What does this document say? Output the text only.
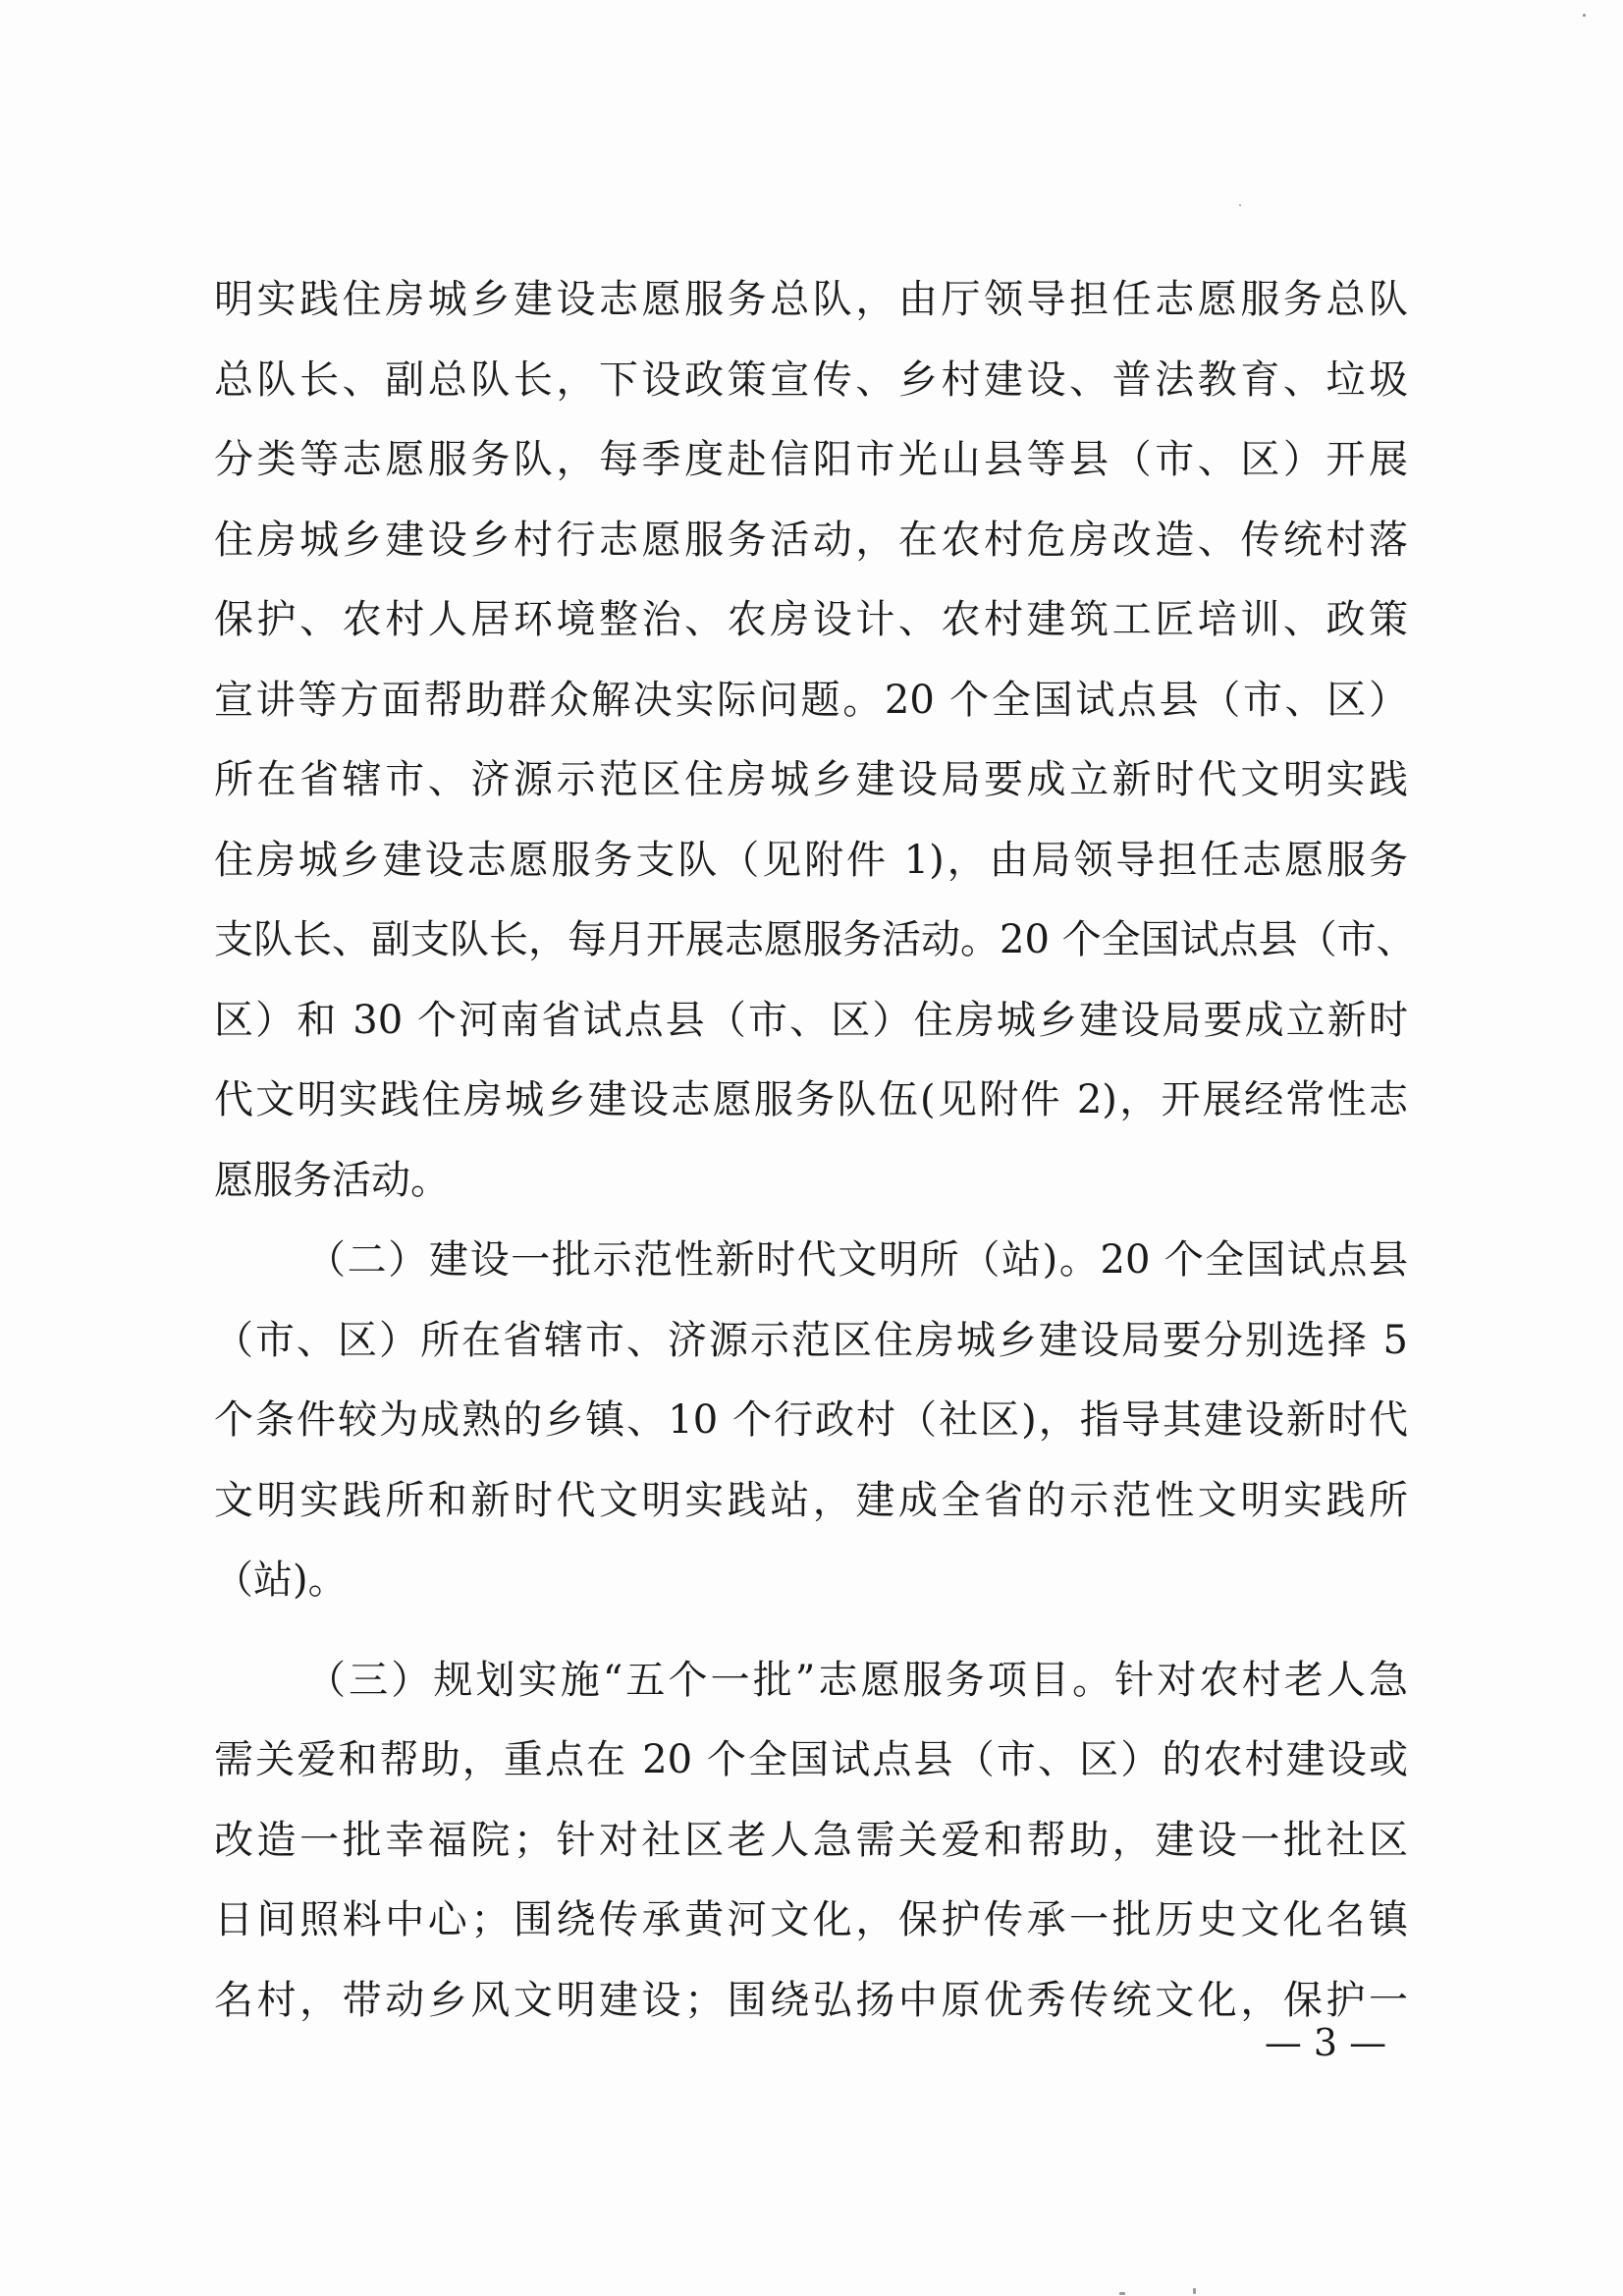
明实践住房城乡建设志愿服务总队，由厅领导担任志愿服务总队
总队长、副总队长，下设政策宣传、乡村建设、普法教育、垃圾
分类等志愿服务队，每季度赴信阳市光山县等县（市、区）开展
住房城乡建设乡村行志愿服务活动，在农村危房改造、传统村落
保护、农村人居环境整治、农房设计、农村建筑工匠培训、政策
宣讲等方面帮助群众解决实际问题。20 个全国试点县（市、区）
所在省辖市、济源示范区住房城乡建设局要成立新时代文明实践
住房城乡建设志愿服务支队（见附件 1)，由局领导担任志愿服务
支队长、副支队长，每月开展志愿服务活动。20 个全国试点县（市、
区）和 30 个河南省试点县（市、区）住房城乡建设局要成立新时
代文明实践住房城乡建设志愿服务队伍(见附件 2)，开展经常性志
愿服务活动。
（二）建设一批示范性新时代文明所（站)。20 个全国试点县
（市、区）所在省辖市、济源示范区住房城乡建设局要分别选择 5
个条件较为成熟的乡镇、10 个行政村（社区)，指导其建设新时代
文明实践所和新时代文明实践站，建成全省的示范性文明实践所
（站)。
（三）规划实施“五个一批”志愿服务项目。针对农村老人急
需关爱和帮助，重点在 20 个全国试点县（市、区）的农村建设或
改造一批幸福院；针对社区老人急需关爱和帮助，建设一批社区
日间照料中心；围绕传承黄河文化，保护传承一批历史文化名镇
名村，带动乡风文明建设；围绕弘扬中原优秀传统文化，保护一
— 3 —
